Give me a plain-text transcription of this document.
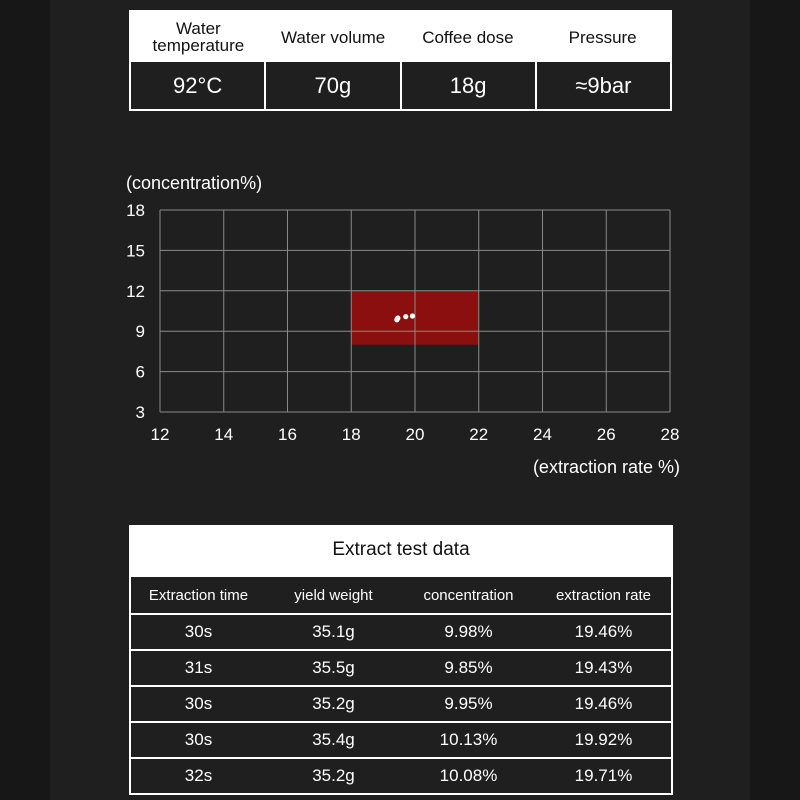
Water
temperature	Water volume	Coffee dose	Pressure
92°C	70g	18g	≈9bar
(concentration%)
(extraction rate %)
12	14	16	18	20	22	24	26	28
3
6
9
12
15
18
Extract test data
Extraction time	yield weight	concentration	extraction rate
30s	35.1g	9.98%	19.46%
31s	35.5g	9.85%	19.43%
30s	35.2g	9.95%	19.46%
30s	35.4g	10.13%	19.92%
32s	35.2g	10.08%	19.71%
